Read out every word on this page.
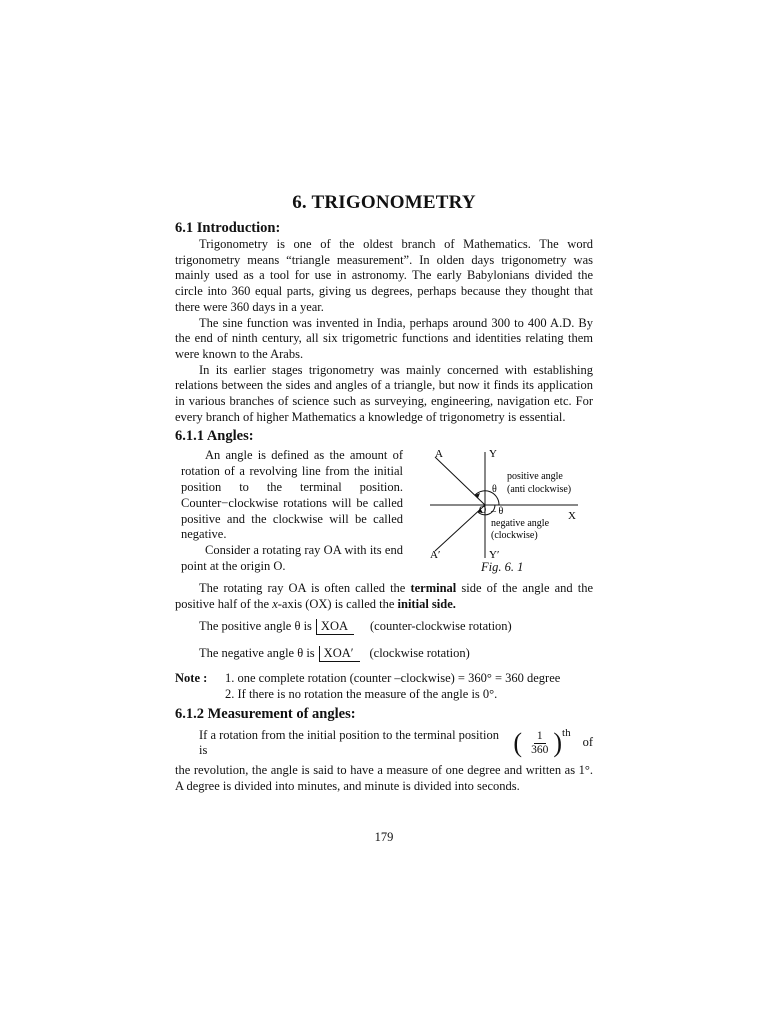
6. TRIGONOMETRY
6.1 Introduction:

Trigonometry is one of the oldest branch of Mathematics. The word trigonometry means “triangle measurement”. In olden days trigonometry was mainly used as a tool for use in astronomy. The early Babylonians divided the circle into 360 equal parts, giving us degrees, perhaps because they thought that there were 360 days in a year.

The sine function was invented in India, perhaps around 300 to 400 A.D. By the end of ninth century, all six trigometric functions and identities relating them were known to the Arabs.

In its earlier stages trigonometry was mainly concerned with establishing relations between the sides and angles of a triangle, but now it finds its application in various branches of science such as surveying, engineering, navigation etc. For every branch of higher Mathematics a knowledge of trigonometry is essential.

6.1.1 Angles:

An angle is defined as the amount of rotation of a revolving line from the initial position to the terminal position. Counter−clockwise rotations will be called positive and the clockwise will be called negative.

Consider a rotating ray OA with its end point at the origin O.

A	Y
positive angle
(anti clockwise)
θ
O – θ	X
negative angle
(clockwise)
A′	Y′
Fig. 6. 1

The rotating ray OA is often called the terminal side of the angle and the positive half of the x-axis (OX) is called the initial side.

The positive angle θ is XOA	(counter-clockwise rotation)
The negative angle θ is XOA′	(clockwise rotation)
Note : 1. one complete rotation (counter –clockwise) = 360° = 360 degree
2. If there is no rotation the measure of the angle is 0°.
6.1.2 Measurement of angles:
If a rotation from the initial position to the terminal position is	( $\frac{1}{360}$ ) th
of

the revolution, the angle is said to have a measure of one degree and written as 1°. A degree is divided into minutes, and minute is divided into seconds.

179
